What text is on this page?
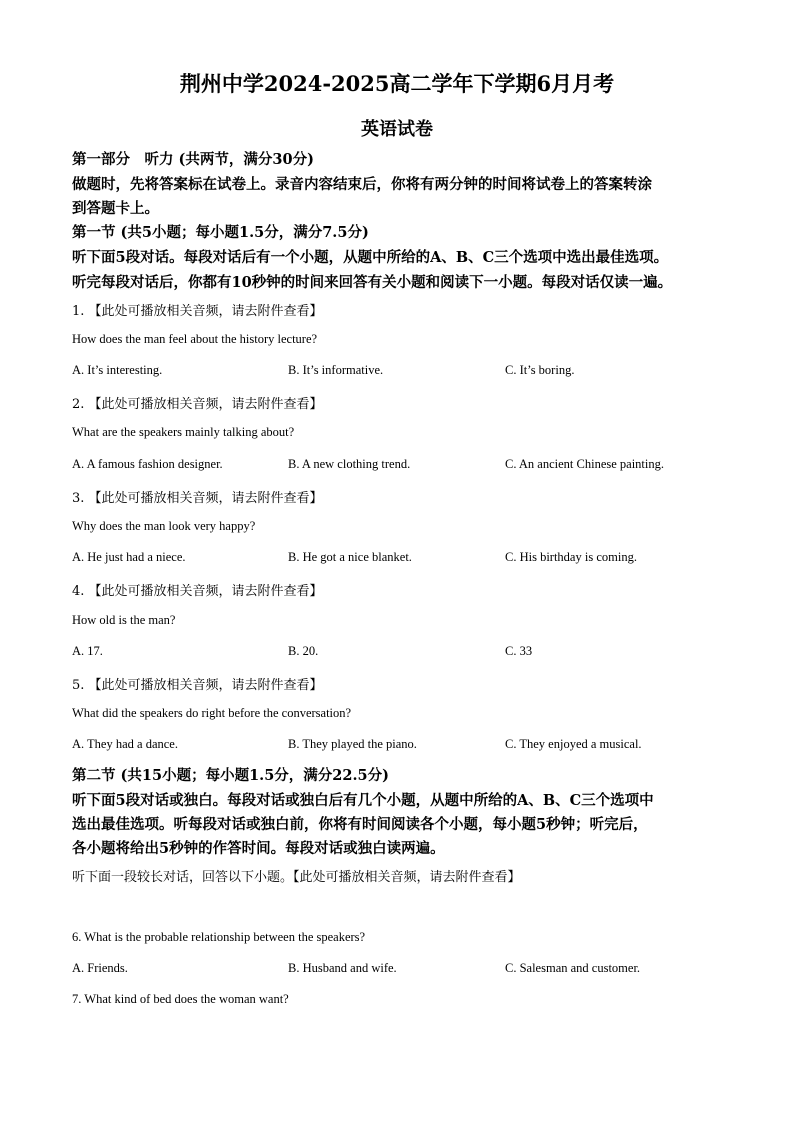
荆州中学2024-2025高二学年下学期6月月考
英语试卷
第一部分　听力 (共两节，满分30分)
做题时，先将答案标在试卷上。录音内容结束后，你将有两分钟的时间将试卷上的答案转涂
到答题卡上。
第一节 (共5小题；每小题1.5分，满分7.5分)
听下面5段对话。每段对话后有一个小题，从题中所给的A、B、C三个选项中选出最佳选项。
听完每段对话后，你都有10秒钟的时间来回答有关小题和阅读下一小题。每段对话仅读一遍。
1. 【此处可播放相关音频，请去附件查看】
How does the man feel about the history lecture?
A. It’s interesting.	B. It’s informative.	C. It’s boring.
2. 【此处可播放相关音频，请去附件查看】
What are the speakers mainly talking about?
A. A famous fashion designer.	B. A new clothing trend.	C. An ancient Chinese painting.
3. 【此处可播放相关音频，请去附件查看】
Why does the man look very happy?
A. He just had a niece.	B. He got a nice blanket.	C. His birthday is coming.
4. 【此处可播放相关音频，请去附件查看】
How old is the man?
A. 17.	B. 20.	C. 33
5. 【此处可播放相关音频，请去附件查看】
What did the speakers do right before the conversation?
A. They had a dance.	B. They played the piano.	C. They enjoyed a musical.
第二节 (共15小题；每小题1.5分，满分22.5分)
听下面5段对话或独白。每段对话或独白后有几个小题，从题中所给的A、B、C三个选项中
选出最佳选项。听每段对话或独白前，你将有时间阅读各个小题，每小题5秒钟；听完后，
各小题将给出5秒钟的作答时间。每段对话或独白读两遍。
听下面一段较长对话，回答以下小题。【此处可播放相关音频，请去附件查看】
6. What is the probable relationship between the speakers?
A. Friends.	B. Husband and wife.	C. Salesman and customer.
7. What kind of bed does the woman want?
